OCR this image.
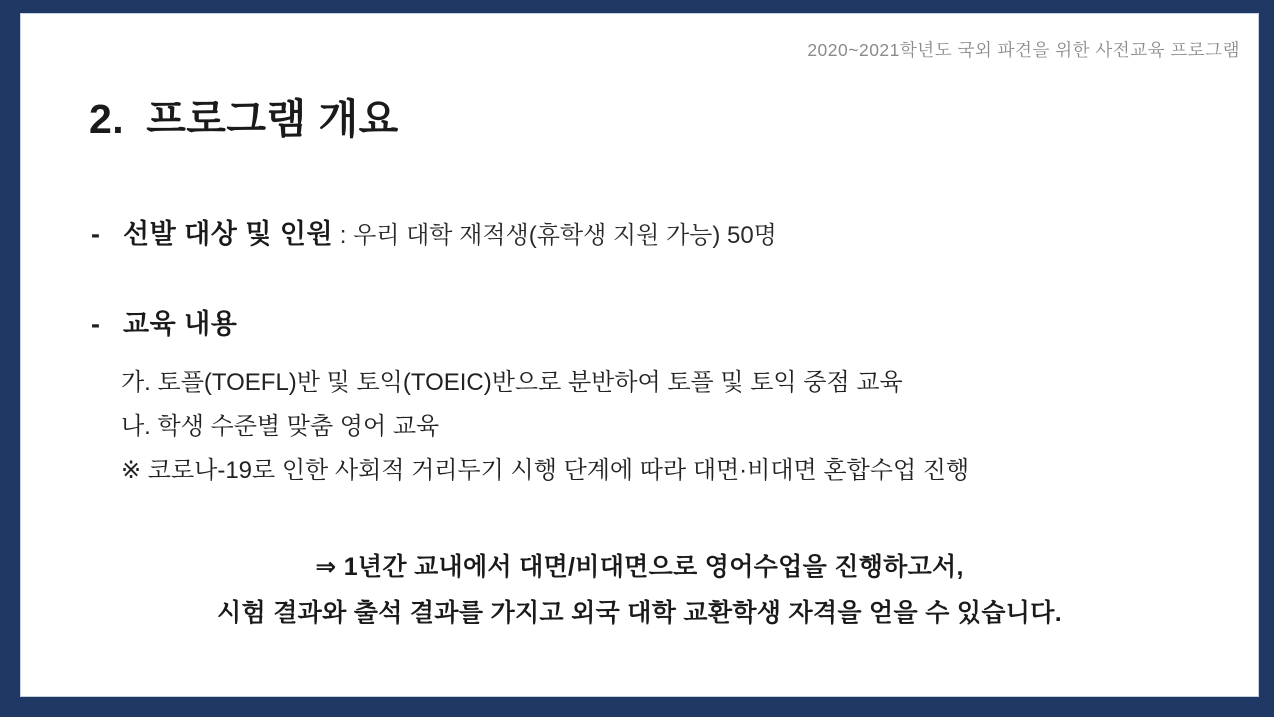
2020~2021학년도 국외 파견을 위한 사전교육 프로그램
2. 프로그램 개요
- 선발 대상 및 인원 : 우리 대학 재적생(휴학생 지원 가능) 50명
- 교육 내용
가. 토플(TOEFL)반 및 토익(TOEIC)반으로 분반하여 토플 및 토익 중점 교육
나. 학생 수준별 맞춤 영어 교육
※ 코로나-19로 인한 사회적 거리두기 시행 단계에 따라 대면·비대면 혼합수업 진행
⇒ 1년간 교내에서 대면/비대면으로 영어수업을 진행하고서,
시험 결과와 출석 결과를 가지고 외국 대학 교환학생 자격을 얻을 수 있습니다.
